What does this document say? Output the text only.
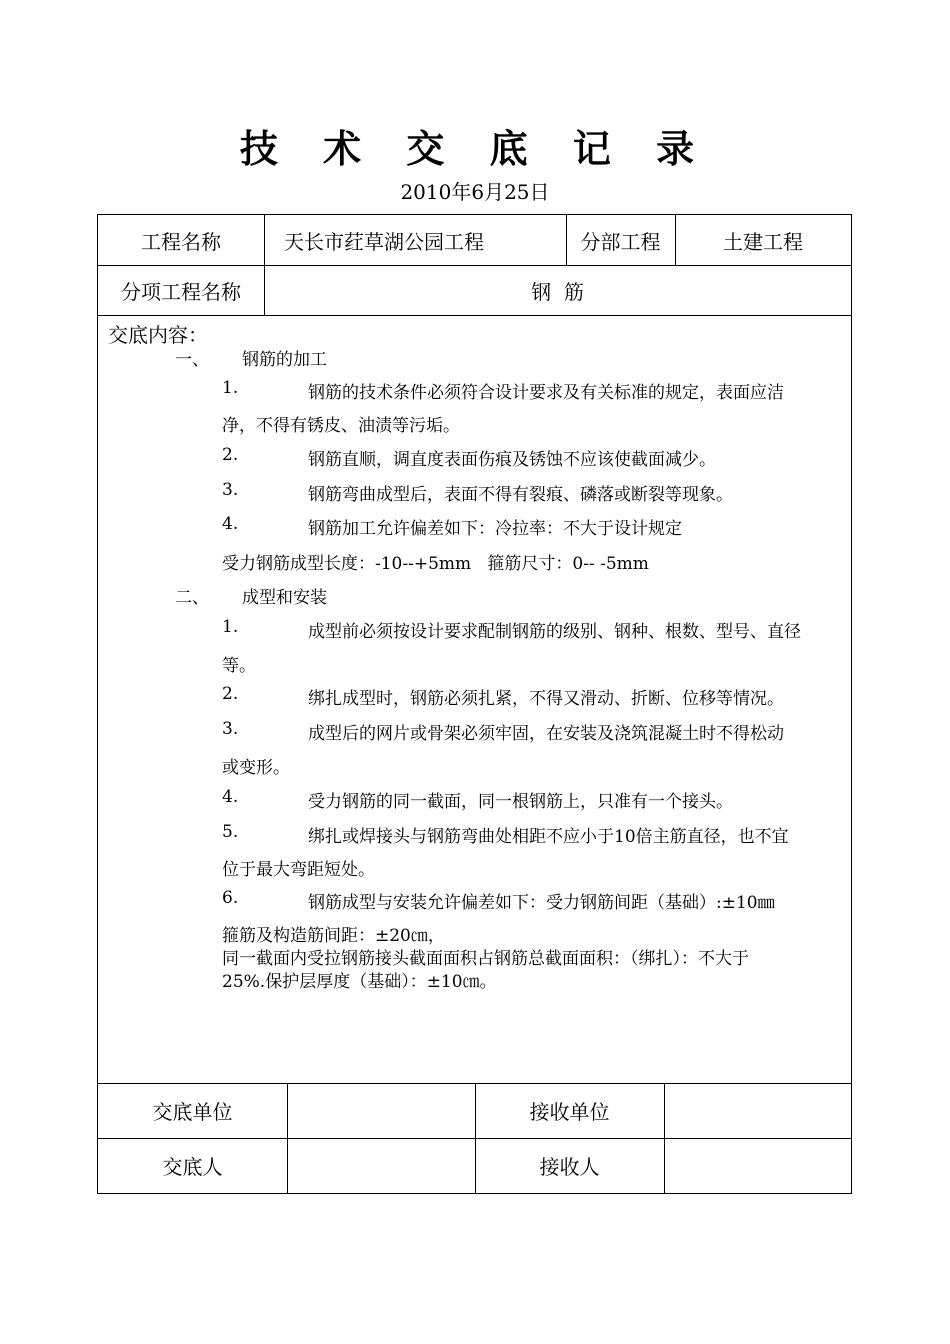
技 术 交 底 记 录
2010年6月25日
工程名称	天长市荭草湖公园工程	分部工程	土建工程
分项工程名称	钢  筋
交底内容：
一、 钢筋的加工
1.	钢筋的技术条件必须符合设计要求及有关标准的规定，表面应洁
净，不得有锈皮、油渍等污垢。
2.	钢筋直顺，调直度表面伤痕及锈蚀不应该使截面减少。
3.	钢筋弯曲成型后，表面不得有裂痕、磷落或断裂等现象。
4.	钢筋加工允许偏差如下：冷拉率：不大于设计规定
受力钢筋成型长度：-10--+5mm   箍筋尺寸：0-- -5mm
二、 成型和安装
1.	成型前必须按设计要求配制钢筋的级别、钢种、根数、型号、直径
等。
2.	绑扎成型时，钢筋必须扎紧，不得又滑动、折断、位移等情况。
3.	成型后的网片或骨架必须牢固，在安装及浇筑混凝土时不得松动
或变形。
4.	受力钢筋的同一截面，同一根钢筋上，只准有一个接头。
5.	绑扎或焊接头与钢筋弯曲处相距不应小于10倍主筋直径，也不宜
位于最大弯距短处。
6.	钢筋成型与安装允许偏差如下：受力钢筋间距（基础）:±10㎜
箍筋及构造筋间距：±20㎝，
同一截面内受拉钢筋接头截面面积占钢筋总截面面积：（绑扎）：不大于
25%.保护层厚度（基础）：±10㎝。
交底单位	接收单位
交底人	接收人
